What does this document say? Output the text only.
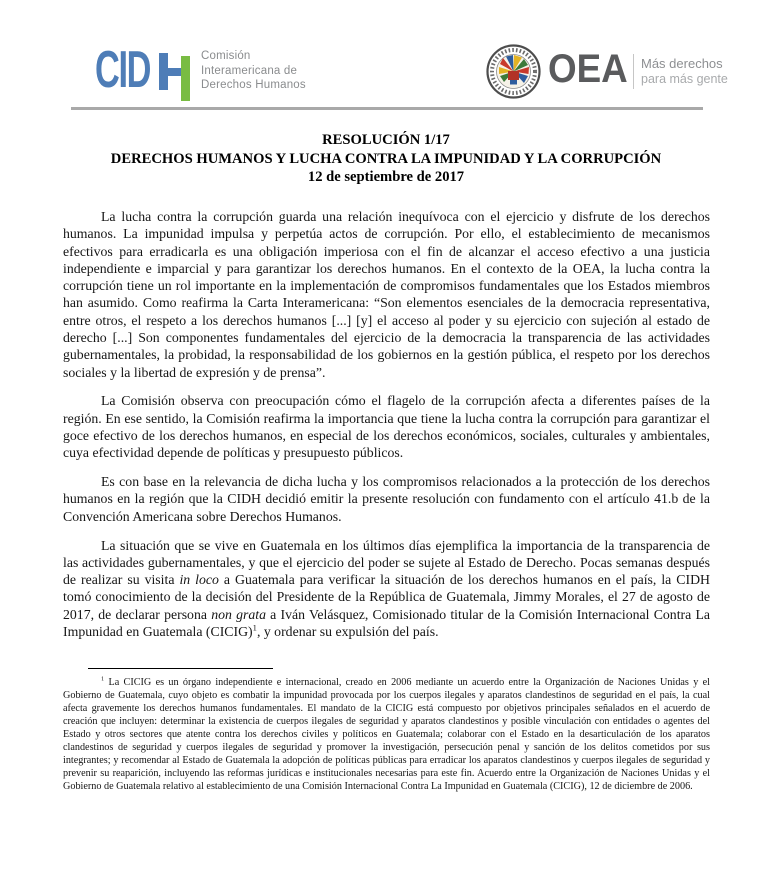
CID	Comisión
Interamericana de
Derechos Humanos	OEA Más derechos
para más gente
RESOLUCIÓN 1/17
DERECHOS HUMANOS Y LUCHA CONTRA LA IMPUNIDAD Y LA CORRUPCIÓN
12 de septiembre de 2017

La lucha contra la corrupción guarda una relación inequívoca con el ejercicio y disfrute de los derechos humanos. La impunidad impulsa y perpetúa actos de corrupción. Por ello, el establecimiento de mecanismos efectivos para erradicarla es una obligación imperiosa con el fin de alcanzar el acceso efectivo a una justicia independiente e imparcial y para garantizar los derechos humanos. En el contexto de la OEA, la lucha contra la corrupción tiene un rol importante en la implementación de compromisos fundamentales que los Estados miembros han asumido. Como reafirma la Carta Interamericana: “Son elementos esenciales de la democracia representativa, entre otros, el respeto a los derechos humanos [...] [y] el acceso al poder y su ejercicio con sujeción al estado de derecho [...] Son componentes fundamentales del ejercicio de la democracia la transparencia de las actividades gubernamentales, la probidad, la responsabilidad de los gobiernos en la gestión pública, el respeto por los derechos sociales y la libertad de expresión y de prensa”.

La Comisión observa con preocupación cómo el flagelo de la corrupción afecta a diferentes países de la región. En ese sentido, la Comisión reafirma la importancia que tiene la lucha contra la corrupción para garantizar el goce efectivo de los derechos humanos, en especial de los derechos económicos, sociales, culturales y ambientales, cuya efectividad depende de políticas y presupuesto públicos.

Es con base en la relevancia de dicha lucha y los compromisos relacionados a la protección de los derechos humanos en la región que la CIDH decidió emitir la presente resolución con fundamento con el artículo 41.b de la Convención Americana sobre Derechos Humanos.

La situación que se vive en Guatemala en los últimos días ejemplifica la importancia de la transparencia de las actividades gubernamentales, y que el ejercicio del poder se sujete al Estado de Derecho. Pocas semanas después de realizar su visita in loco a Guatemala para verificar la situación de los derechos humanos en el país, la CIDH tomó conocimiento de la decisión del Presidente de la República de Guatemala, Jimmy Morales, el 27 de agosto de 2017, de declarar persona non grata a Iván Velásquez, Comisionado titular de la Comisión Internacional Contra La Impunidad en Guatemala (CICIG)$^1$, y ordenar su expulsión del país.

$^1$ La CICIG es un órgano independiente e internacional, creado en 2006 mediante un acuerdo entre la Organización de Naciones Unidas y el Gobierno de Guatemala, cuyo objeto es combatir la impunidad provocada por los cuerpos ilegales y aparatos clandestinos de seguridad en el país, la cual afecta gravemente los derechos humanos fundamentales. El mandato de la CICIG está compuesto por objetivos principales señalados en el acuerdo de creación que incluyen: determinar la existencia de cuerpos ilegales de seguridad y aparatos clandestinos y posible vinculación con entidades o agentes del Estado y otros sectores que atente contra los derechos civiles y políticos en Guatemala; colaborar con el Estado en la desarticulación de los aparatos clandestinos de seguridad y cuerpos ilegales de seguridad y promover la investigación, persecución penal y sanción de los delitos cometidos por sus integrantes; y recomendar al Estado de Guatemala la adopción de políticas públicas para erradicar los aparatos clandestinos y cuerpos ilegales de seguridad y prevenir su reaparición, incluyendo las reformas jurídicas e institucionales necesarias para este fin. Acuerdo entre la Organización de Naciones Unidas y el Gobierno de Guatemala relativo al establecimiento de una Comisión Internacional Contra La Impunidad en Guatemala (CICIG), 12 de diciembre de 2006.
